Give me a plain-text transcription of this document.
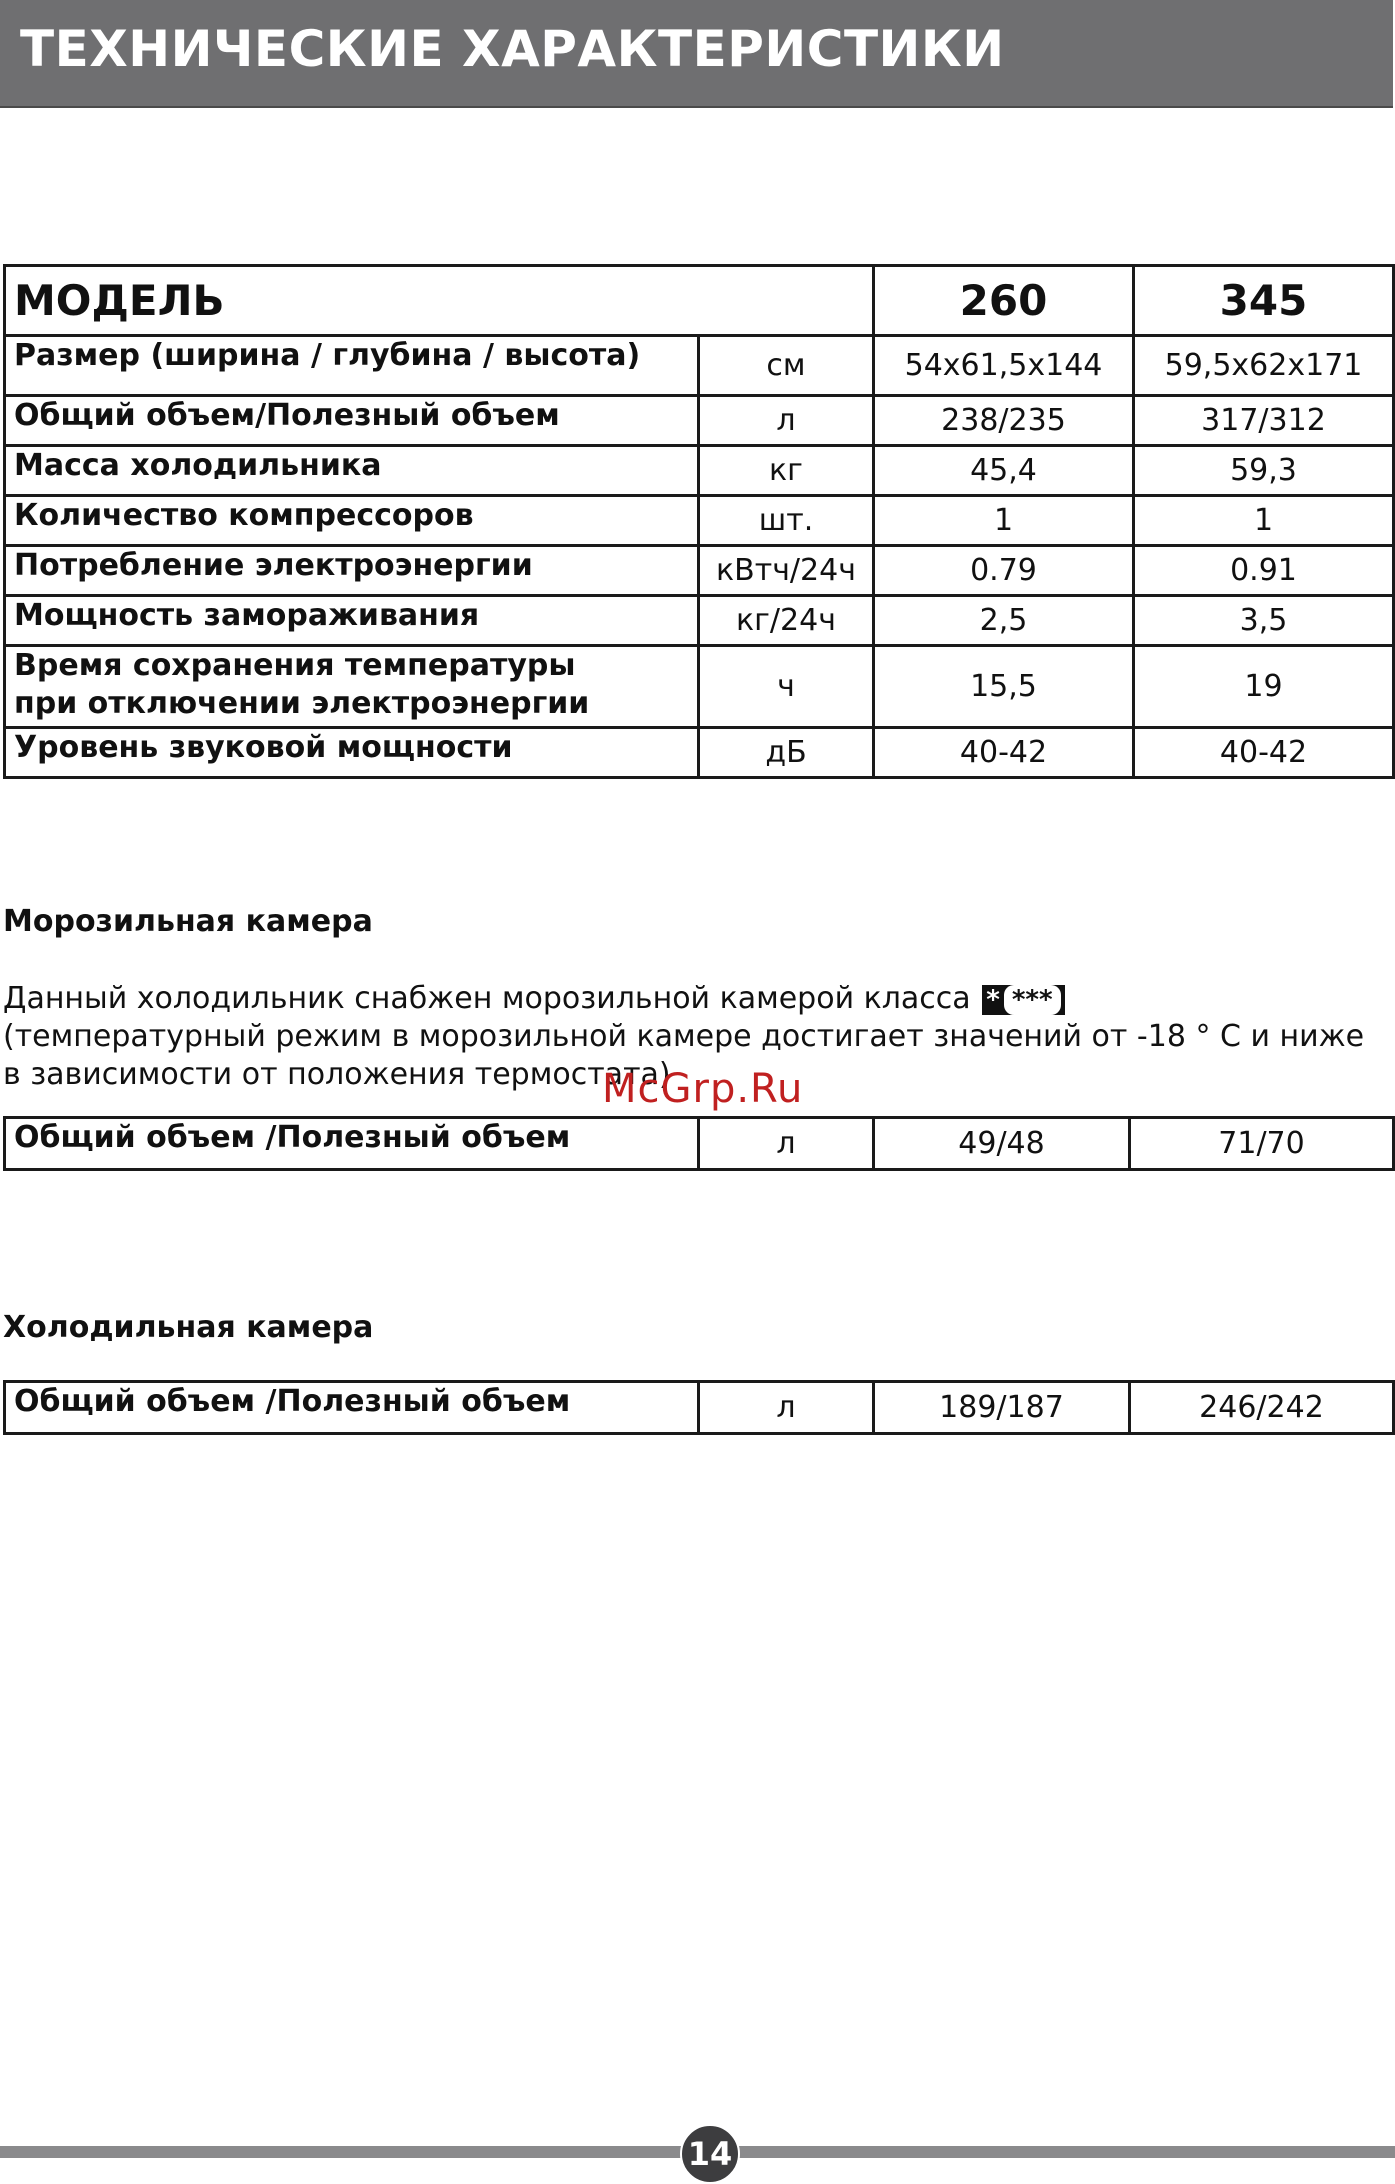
ТЕХНИЧЕСКИЕ ХАРАКТЕРИСТИКИ
МОДЕЛЬ		260	345
Размер (ширина / глубина / высота)	см	54x61,5x144	59,5x62x171
Общий объем/Полезный объем	л	238/235	317/312
Масса холодильника	кг	45,4	59,3
Количество компрессоров	шт.	1	1
Потребление электроэнергии	кВтч/24ч	0.79	0.91
Мощность замораживания	кг/24ч	2,5	3,5

Время сохранения температуры
при отключении электроэнергии	ч	15,5	19
Уровень звуковой мощности	дБ	40-42	40-42
Морозильная камера
Данный холодильник снабжен морозильной камерой класса * ***
(температурный режим в морозильной камере достигает значений от -18 ° С и ниже
в зависимости от положения термостата)
McGrp.Ru
Общий объем /Полезный объем	л	49/48	71/70
Холодильная камера
Общий объем /Полезный объем	л	189/187	246/242
14
